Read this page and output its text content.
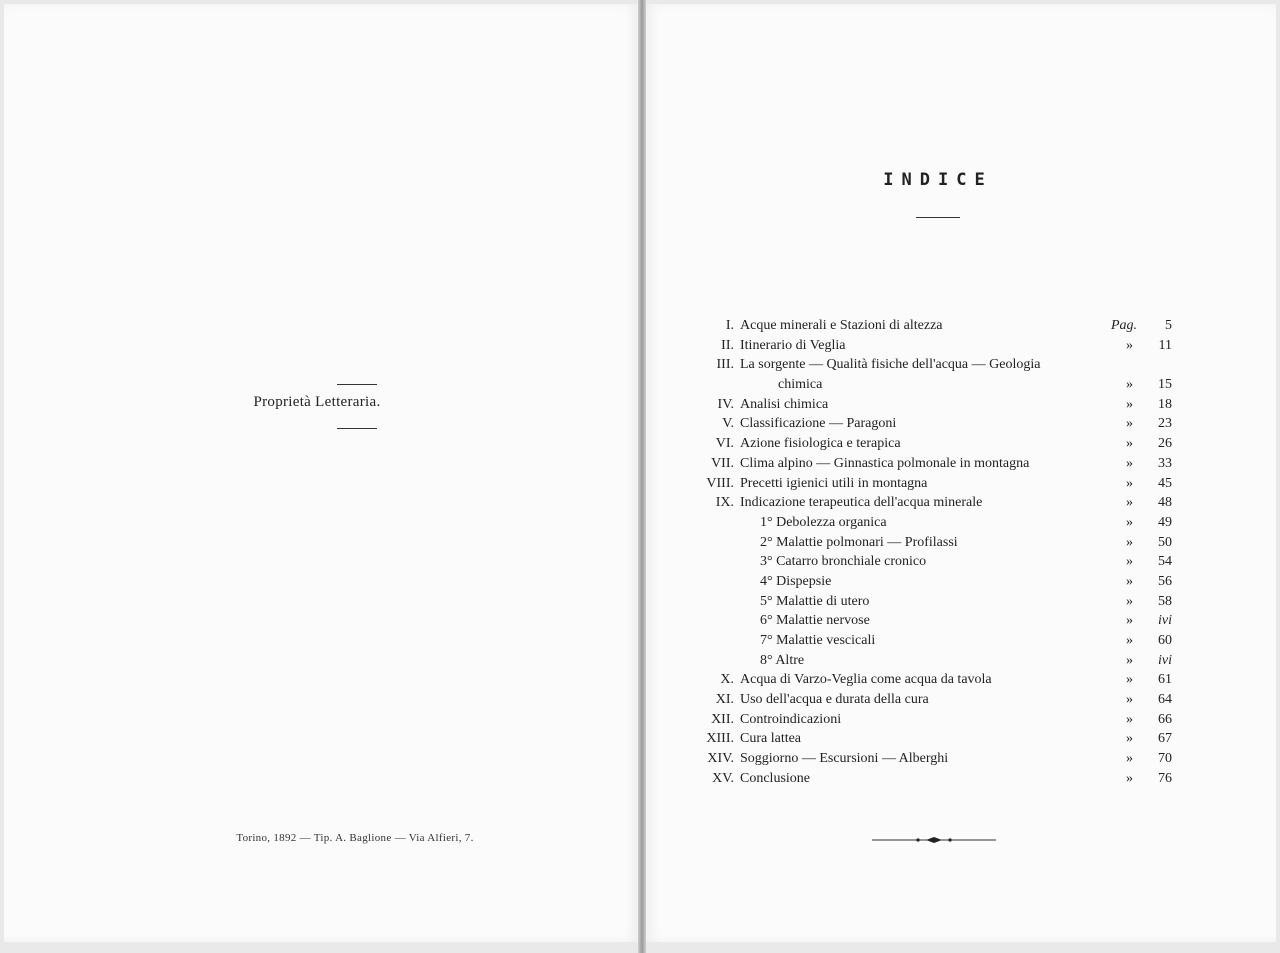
Proprietà Letteraria.
Torino, 1892 — Tip. A. Baglione — Via Alfieri, 7.
INDICE
I. Acque minerali e Stazioni di altezza	Pag. 5
II. Itinerario di Veglia	» 11
III. La sorgente — Qualità fisiche dell'acqua — Geologia
chimica	» 15
IV. Analisi chimica	» 18
V. Classificazione — Paragoni	» 23
VI. Azione fisiologica e terapica	» 26
VII. Clima alpino — Ginnastica polmonale in montagna	» 33
VIII. Precetti igienici utili in montagna	» 45
IX. Indicazione terapeutica dell'acqua minerale	» 48
1° Debolezza organica	» 49
2° Malattie polmonari — Profilassi	» 50
3° Catarro bronchiale cronico	» 54
4° Dispepsie	» 56
5° Malattie di utero	» 58
6° Malattie nervose	» ivi
7° Malattie vescicali	» 60
8° Altre	» ivi
X. Acqua di Varzo-Veglia come acqua da tavola	» 61
XI. Uso dell'acqua e durata della cura	» 64
XII. Controindicazioni	» 66
XIII. Cura lattea	» 67
XIV. Soggiorno — Escursioni — Alberghi	» 70
XV. Conclusione	» 76
